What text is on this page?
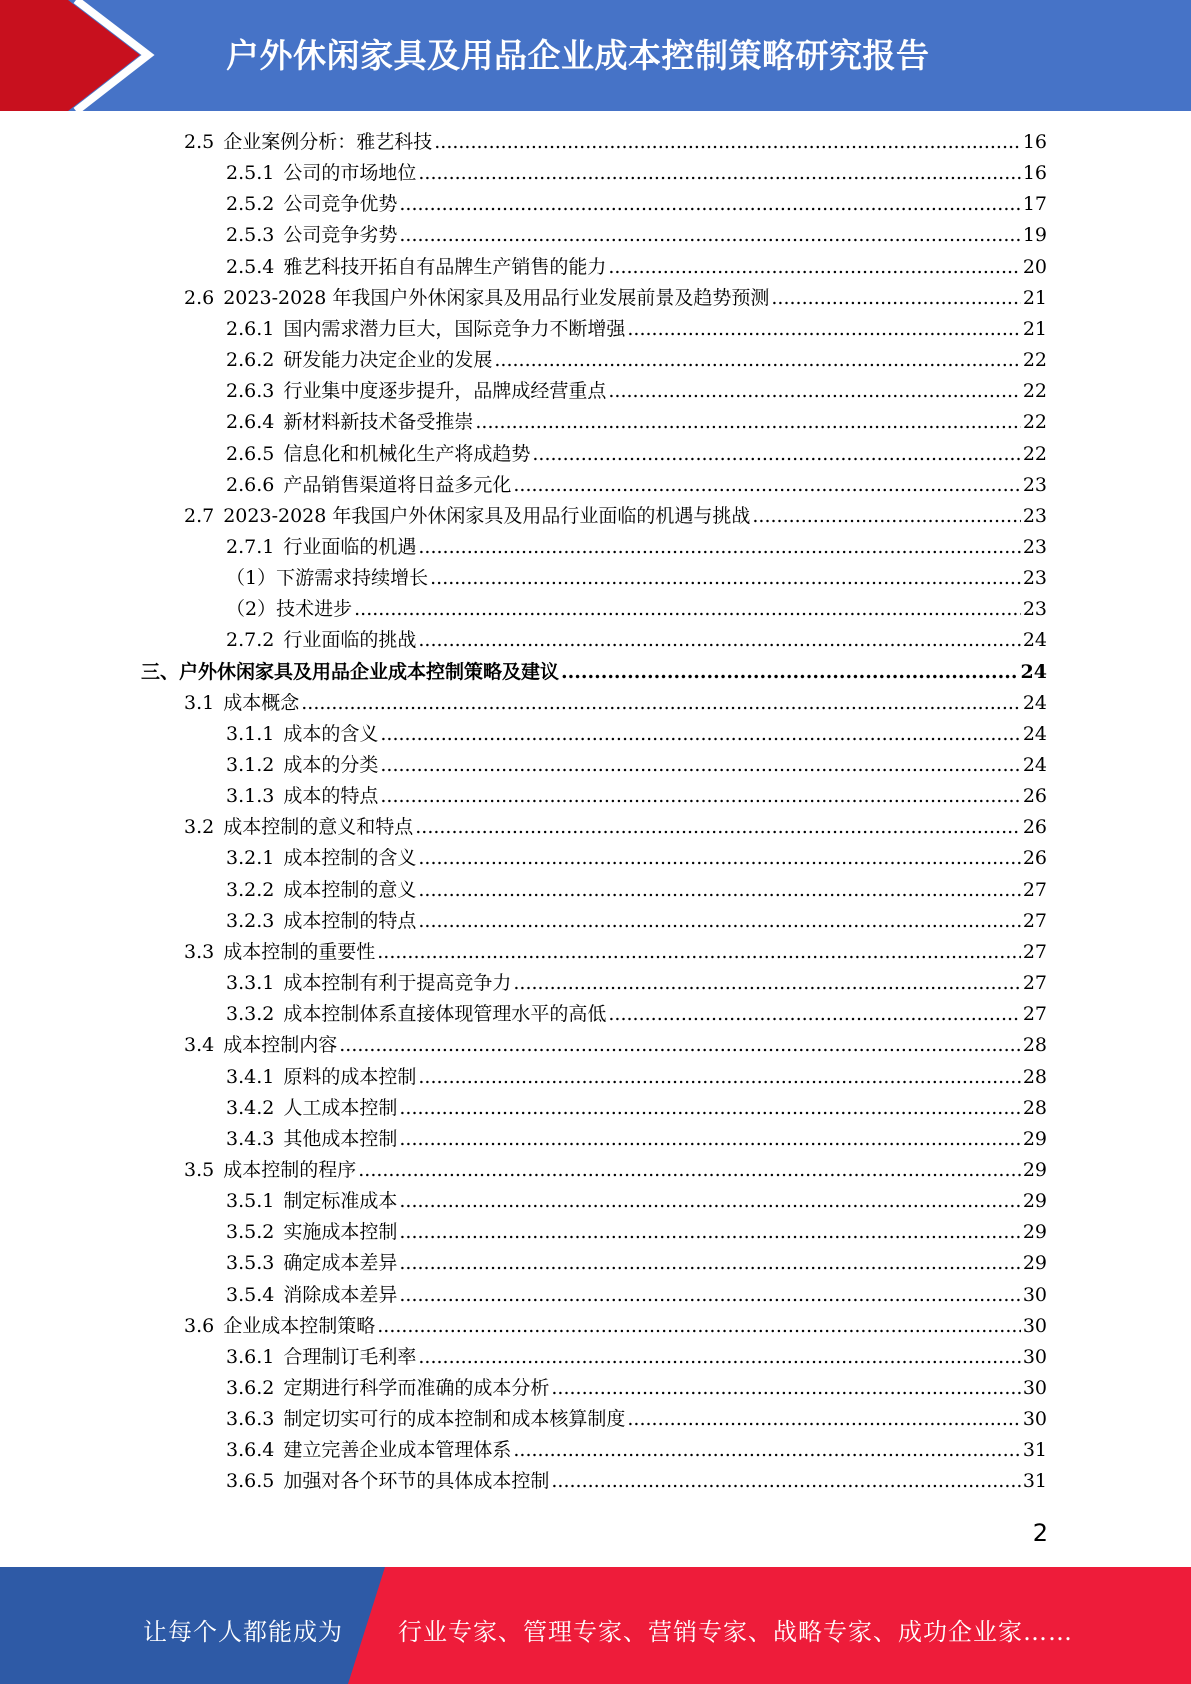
户外休闲家具及用品企业成本控制策略研究报告
2.5 企业案例分析：雅艺科技 .....	16
2.5.1 公司的市场地位 .....	16
2.5.2 公司竞争优势 .....	17
2.5.3 公司竞争劣势 .....	19
2.5.4 雅艺科技开拓自有品牌生产销售的能力 .....	20
2.6 2023-2028 年我国户外休闲家具及用品行业发展前景及趋势预测 .....	21
2.6.1 国内需求潜力巨大，国际竞争力不断增强 .....	21
2.6.2 研发能力决定企业的发展 .....	22
2.6.3 行业集中度逐步提升，品牌成经营重点 .....	22
2.6.4 新材料新技术备受推崇 .....	22
2.6.5 信息化和机械化生产将成趋势 .....	22
2.6.6 产品销售渠道将日益多元化 .....	23
2.7 2023-2028 年我国户外休闲家具及用品行业面临的机遇与挑战 .....	23
2.7.1 行业面临的机遇 .....	23
（1） 下游需求持续增长 .....	23
（2） 技术进步 .....	23
2.7.2 行业面临的挑战 .....	24
三、户外休闲家具及用品企业成本控制策略及建议 .....	24
3.1 成本概念 .....	24
3.1.1 成本的含义 .....	24
3.1.2 成本的分类 .....	24
3.1.3 成本的特点 .....	26
3.2 成本控制的意义和特点 .....	26
3.2.1 成本控制的含义 .....	26
3.2.2 成本控制的意义 .....	27
3.2.3 成本控制的特点 .....	27
3.3 成本控制的重要性 .....	27
3.3.1 成本控制有利于提高竞争力 .....	27
3.3.2 成本控制体系直接体现管理水平的高低 .....	27
3.4 成本控制内容 .....	28
3.4.1 原料的成本控制 .....	28
3.4.2 人工成本控制 .....	28
3.4.3 其他成本控制 .....	29
3.5 成本控制的程序 .....	29
3.5.1 制定标准成本 .....	29
3.5.2 实施成本控制 .....	29
3.5.3 确定成本差异 .....	29
3.5.4 消除成本差异 .....	30
3.6 企业成本控制策略 .....	30
3.6.1 合理制订毛利率 .....	30
3.6.2 定期进行科学而准确的成本分析 .....	30
3.6.3 制定切实可行的成本控制和成本核算制度 .....	30
3.6.4 建立完善企业成本管理体系 .....	31
3.6.5 加强对各个环节的具体成本控制 .....	31
2
让每个人都能成为 行业专家、管理专家、营销专家、战略专家、成功企业家……
